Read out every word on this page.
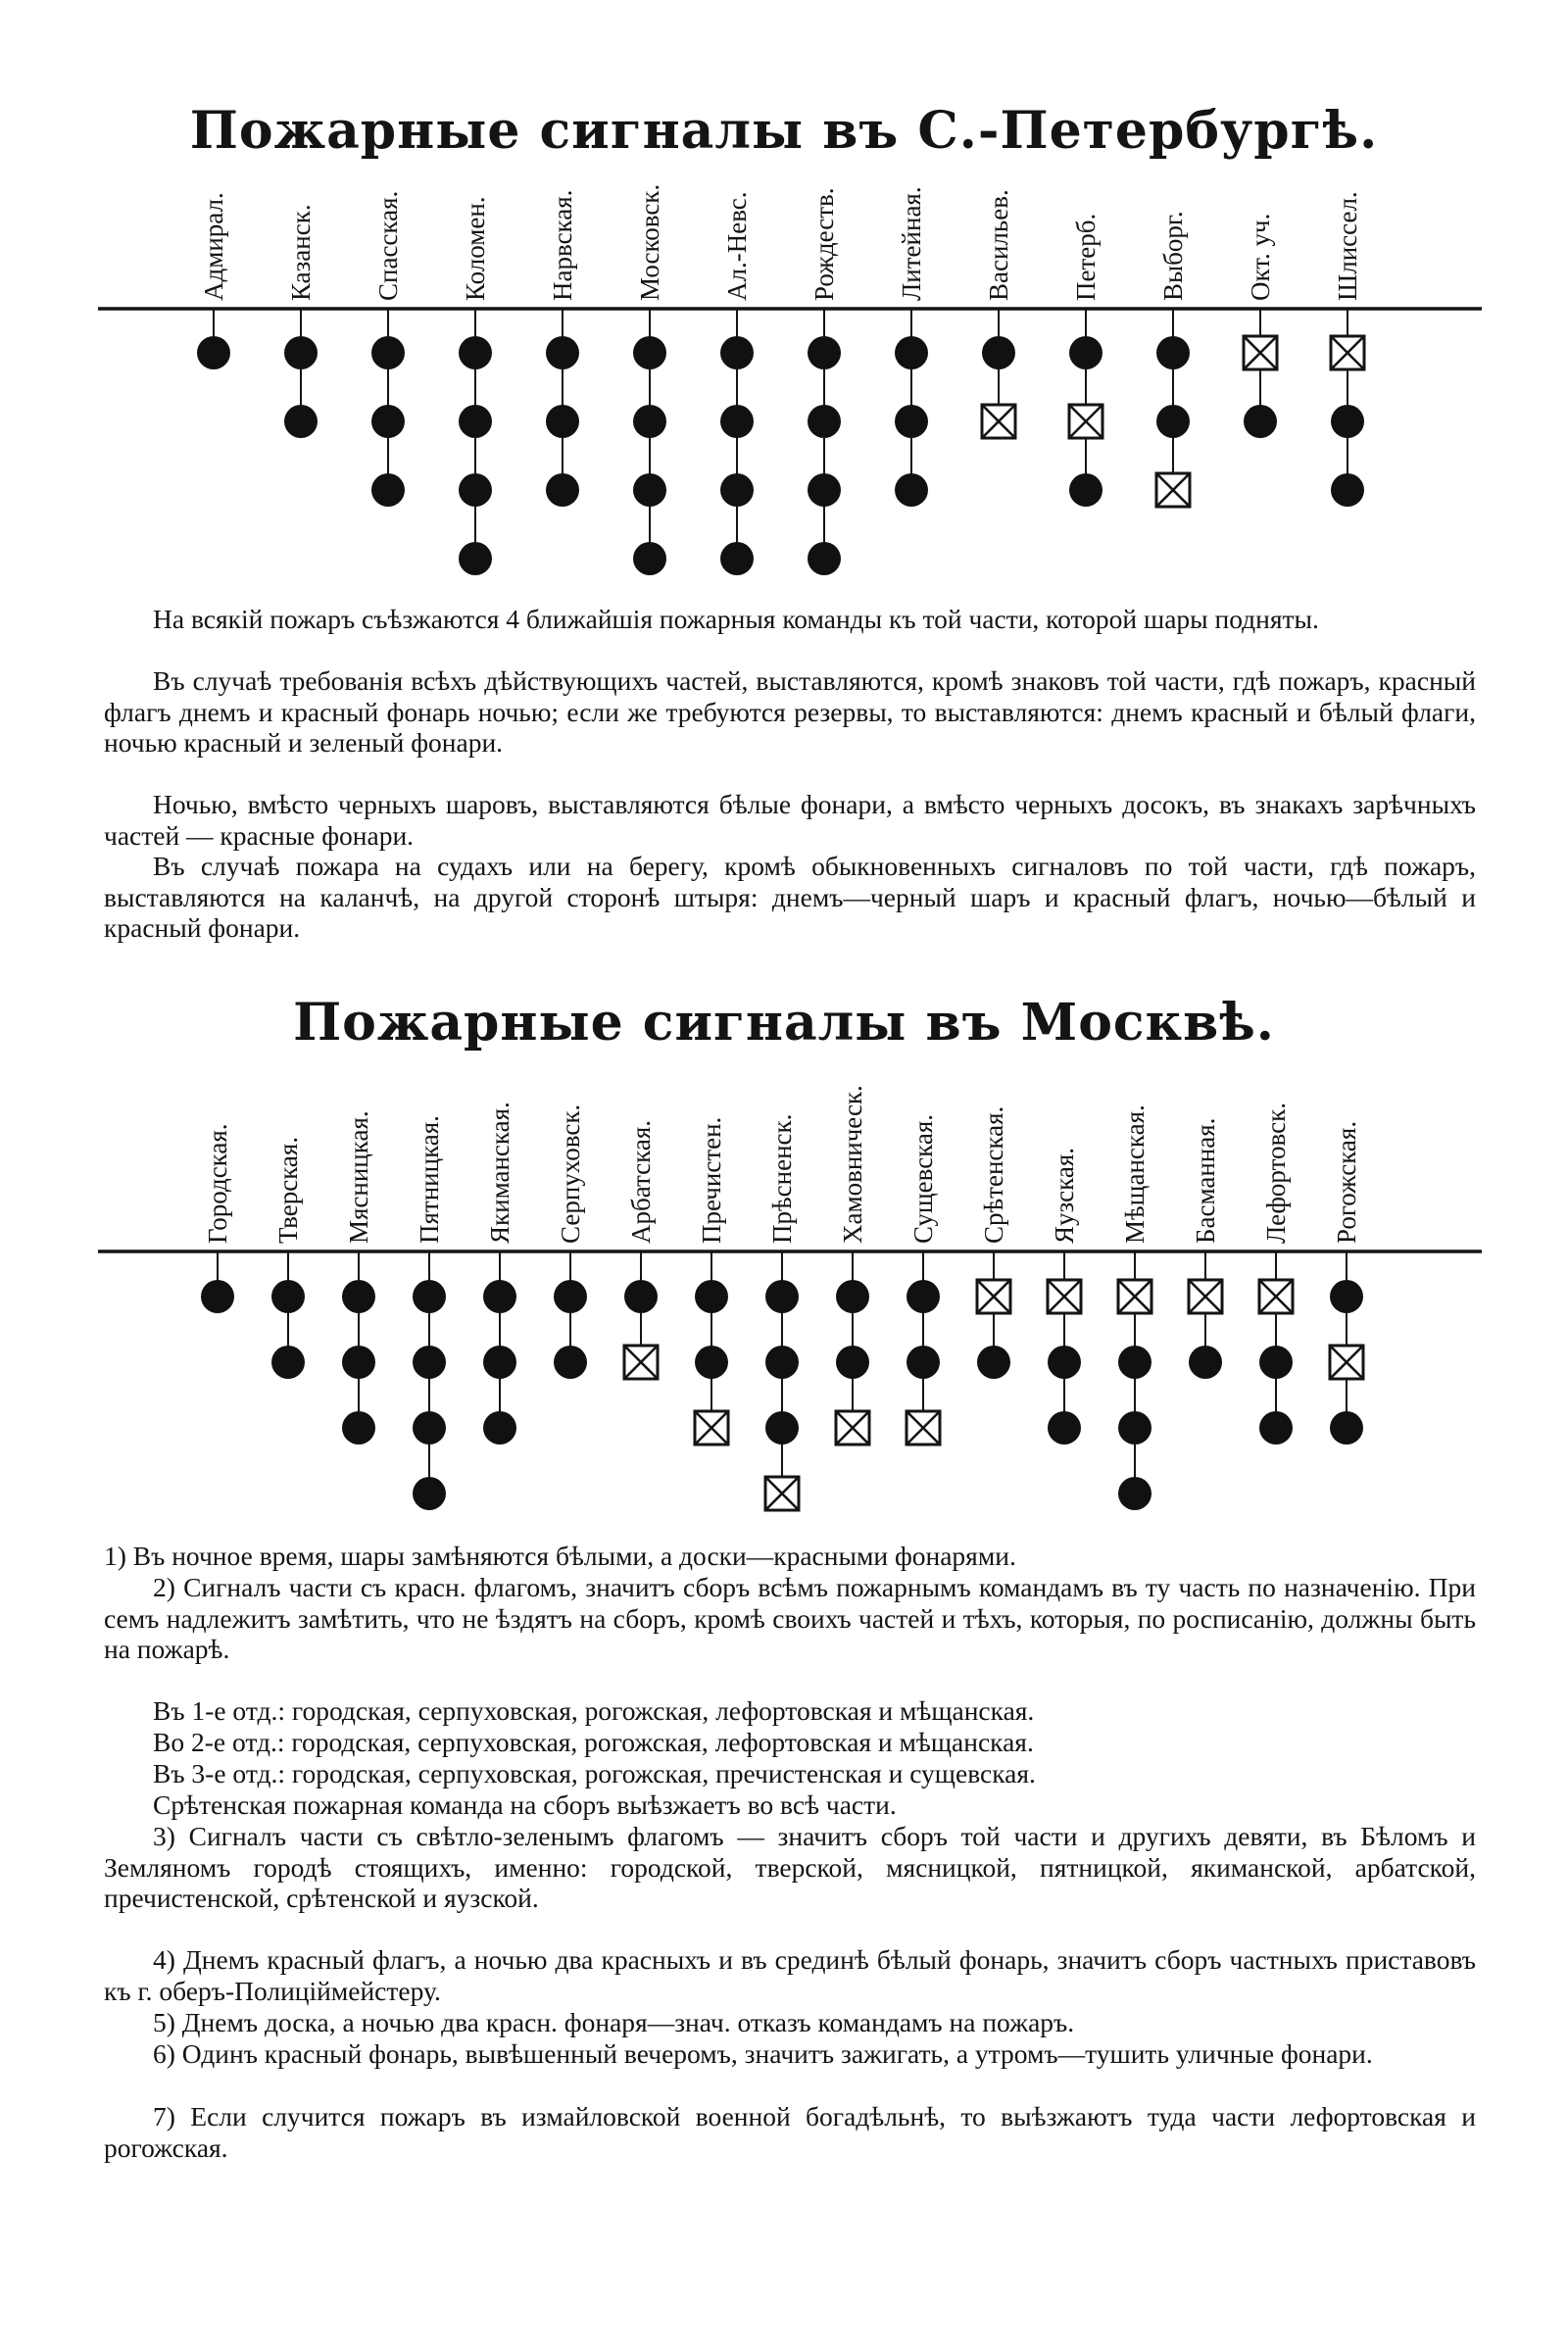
Пожарные сигналы въ С.-Петербургѣ.
Адмирал. Казанск. Спасская. Коломен. Нарвская. Московск. Ал.-Невс. Рождеств. Литейная. Васильев. Петерб. Выборг. Окт. уч. Шлиссел.

На всякій пожаръ съѣзжаются 4 ближайшія пожарныя команды къ той части, которой шары подняты.

Въ случаѣ требованія всѣхъ дѣйствующихъ частей, выставляются, кромѣ знаковъ той части, гдѣ пожаръ, красный флагъ днемъ и красный фонарь ночью; если же требуются резервы, то выставляются: днемъ красный и бѣлый флаги, ночью красный и зеленый фонари.

Ночью, вмѣсто черныхъ шаровъ, выставляются бѣлые фонари, а вмѣсто черныхъ досокъ, въ знакахъ зарѣчныхъ частей — красные фонари.

Въ случаѣ пожара на судахъ или на берегу, кромѣ обыкновенныхъ сигналовъ по той части, гдѣ пожаръ, выставляются на каланчѣ, на другой сторонѣ штыря: днемъ—черный шаръ и красный флагъ, ночью—бѣлый и красный фонари.

Пожарные сигналы въ Москвѣ.
Городская. Тверская. Мясницкая. Пятницкая. Якиманская. Серпуховск. Арбатская. Пречистен. Прѣсненск. Хамовническ. Сущевская. Срѣтенская. Яузская. Мѣщанская. Басманная. Лефортовск. Рогожская.

1) Въ ночное время, шары замѣняются бѣлыми, а доски—красными фонарями.

2) Сигналъ части съ красн. флагомъ, значитъ сборъ всѣмъ пожарнымъ командамъ въ ту часть по назначенію. При семъ надлежитъ замѣтить, что не ѣздятъ на сборъ, кромѣ своихъ частей и тѣхъ, которыя, по росписанію, должны быть на пожарѣ.

Въ 1-е отд.: городская, серпуховская, рогожская, лефортовская и мѣщанская.

Во 2-е отд.: городская, серпуховская, рогожская, лефортовская и мѣщанская.

Въ 3-е отд.: городская, серпуховская, рогожская, пречистенская и сущевская.

Срѣтенская пожарная команда на сборъ выѣзжаетъ во всѣ части.

3) Сигналъ части съ свѣтло-зеленымъ флагомъ — значитъ сборъ той части и другихъ девяти, въ Бѣломъ и Земляномъ городѣ стоящихъ, именно: городской, тверской, мясницкой, пятницкой, якиманской, арбатской, пречистенской, срѣтенской и яузской.

4) Днемъ красный флагъ, а ночью два красныхъ и въ срединѣ бѣлый фонарь, значитъ сборъ частныхъ приставовъ къ г. оберъ-Полиціймейстеру.

5) Днемъ доска, а ночью два красн. фонаря—знач. отказъ командамъ на пожаръ.

6) Одинъ красный фонарь, вывѣшенный вечеромъ, значитъ зажигать, а утромъ—тушить уличные фонари.

7) Если случится пожаръ въ измайловской военной богадѣльнѣ, то выѣзжаютъ туда части лефортовская и рогожская.
